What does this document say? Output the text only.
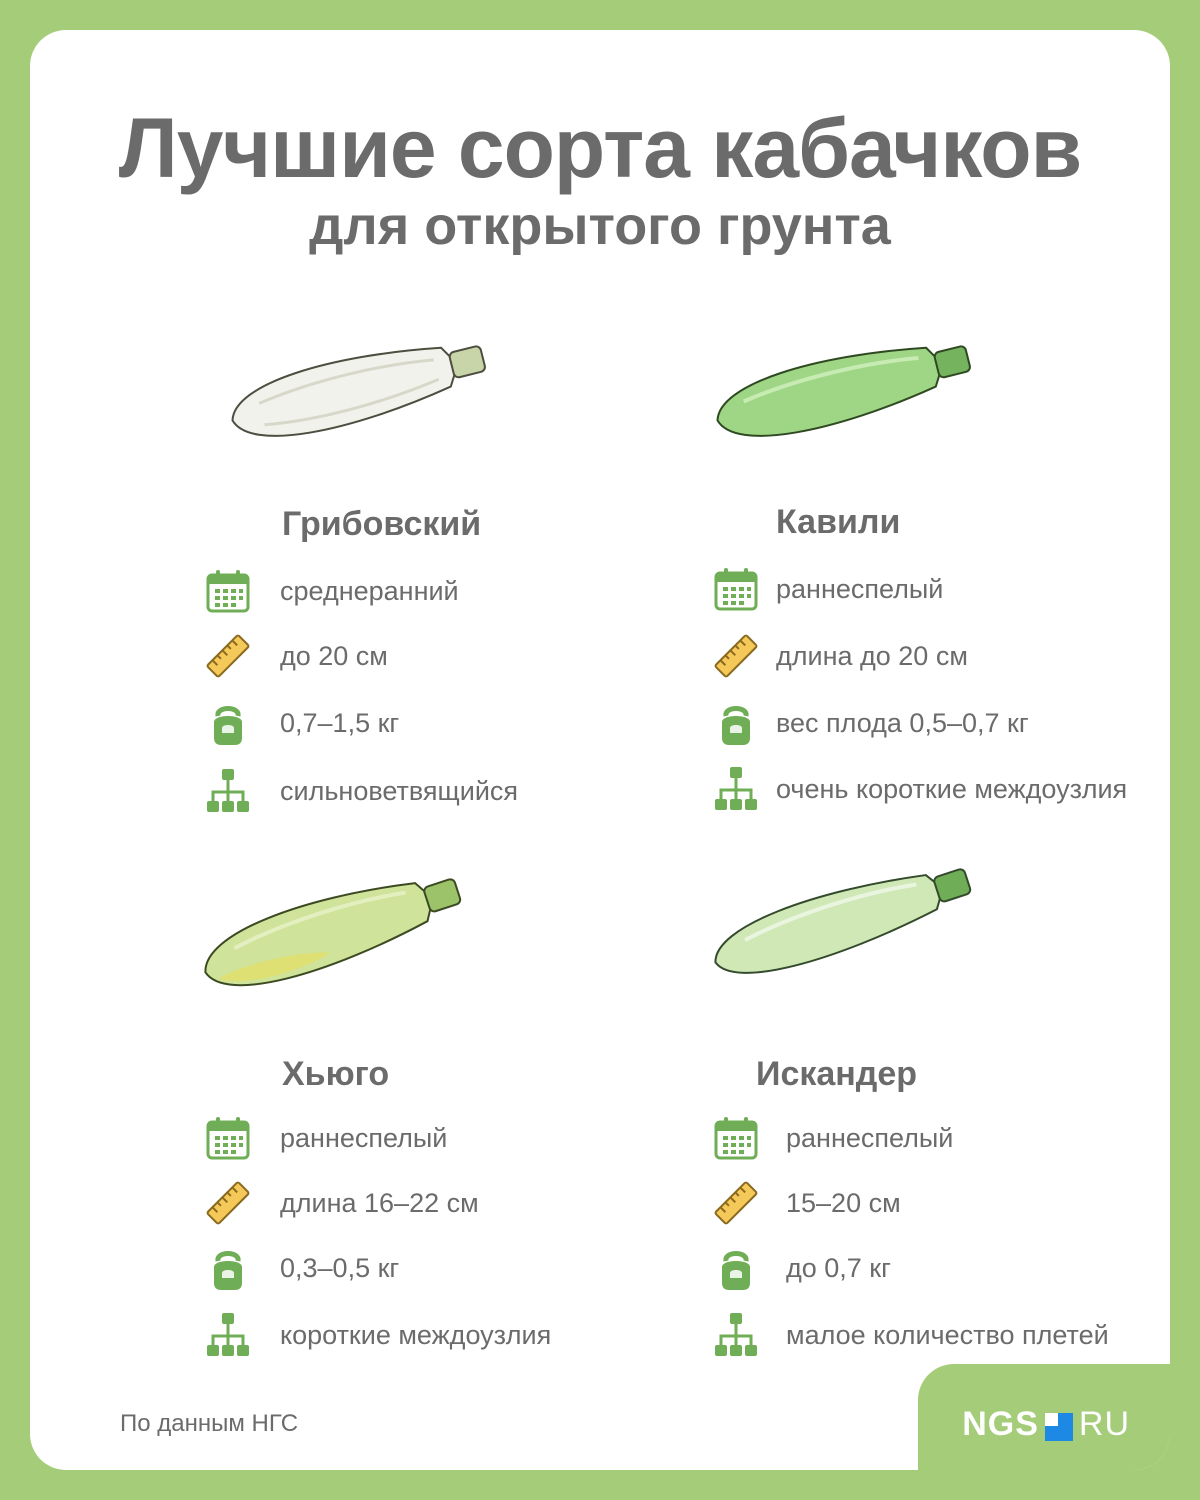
Лучшие сорта кабачков
для открытого грунта
Грибовский
среднеранний
до 20 см
0,7–1,5 кг
сильноветвящийся
Кавили
раннеспелый
длина до 20 см
вес плода 0,5–0,7 кг
очень короткие междоузлия
Хьюго
раннеспелый
длина 16–22 см
0,3–0,5 кг
короткие междоузлия
Искандер
раннеспелый
15–20 см
до 0,7 кг
малое количество плетей
По данным НГС	NGS RU
